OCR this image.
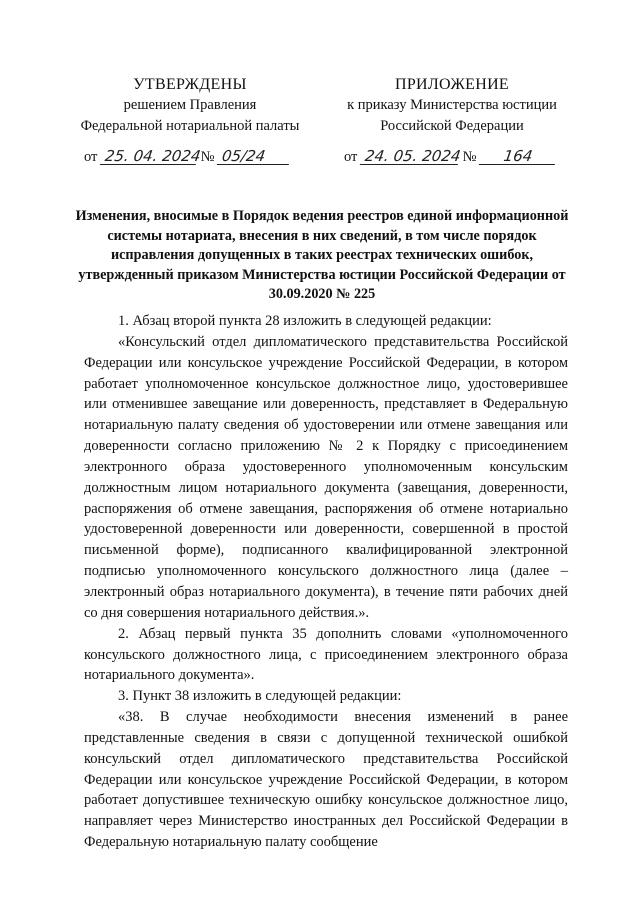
УТВЕРЖДЕНЫ
решением Правления
Федеральной нотариальной палаты
ПРИЛОЖЕНИЕ
к приказу Министерства юстиции
Российской Федерации
от 25. 04. 2024 № 05/24	от 24. 05. 2024 № 164
Изменения, вносимые в Порядок ведения реестров единой информационной системы нотариата, внесения в них сведений, в том числе порядок исправления допущенных в таких реестрах технических ошибок, утвержденный приказом Министерства юстиции Российской Федерации от 30.09.2020 № 225

1. Абзац второй пункта 28 изложить в следующей редакции:

«Консульский отдел дипломатического представительства Российской Федерации или консульское учреждение Российской Федерации, в котором работает уполномоченное консульское должностное лицо, удостоверившее или отменившее завещание или доверенность, представляет в Федеральную нотариальную палату сведения об удостоверении или отмене завещания или доверенности согласно приложению № 2 к Порядку с присоединением электронного образа удостоверенного уполномоченным консульским должностным лицом нотариального документа (завещания, доверенности, распоряжения об отмене завещания, распоряжения об отмене нотариально удостоверенной доверенности или доверенности, совершенной в простой письменной форме), подписанного квалифицированной электронной подписью уполномоченного консульского должностного лица (далее – электронный образ нотариального документа), в течение пяти рабочих дней со дня совершения нотариального действия.».

2. Абзац первый пункта 35 дополнить словами «уполномоченного консульского должностного лица, с присоединением электронного образа нотариального документа».

3. Пункт 38 изложить в следующей редакции:

«38. В случае необходимости внесения изменений в ранее представленные сведения в связи с допущенной технической ошибкой консульский отдел дипломатического представительства Российской Федерации или консульское учреждение Российской Федерации, в котором работает допустившее техническую ошибку консульское должностное лицо, направляет через Министерство иностранных дел Российской Федерации в Федеральную нотариальную палату сообщение
